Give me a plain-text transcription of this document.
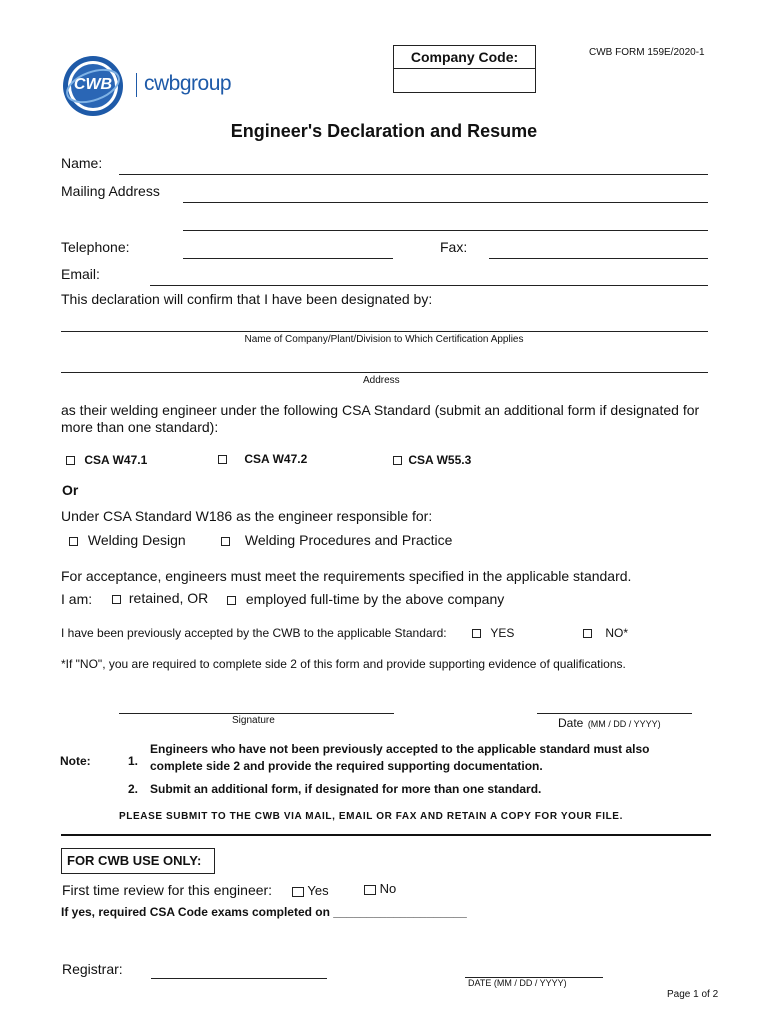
CWB	cwbgroup
Company Code:	CWB FORM 159E/2020-1
Engineer's Declaration and Resume
Name:
Mailing Address
Telephone:	Fax:
Email:
This declaration will confirm that I have been designated by:
Name of Company/Plant/Division to Which Certification Applies
Address
as their welding engineer under the following CSA Standard (submit an additional form if designated for more than one standard):
CSA W47.1	CSA W47.2	CSA W55.3
Or
Under CSA Standard W186 as the engineer responsible for:
Welding Design	Welding Procedures and Practice
For acceptance, engineers must meet the requirements specified in the applicable standard.
I am:	retained, OR	employed full-time by the above company
I have been previously accepted by the CWB to the applicable Standard:	YES	NO*
*If "NO", you are required to complete side 2 of this form and provide supporting evidence of qualifications.
Signature	Date (MM / DD / YYYY)
Note:	1.
Engineers who have not been previously accepted to the applicable standard must also complete side 2 and provide the required supporting documentation.
2. Submit an additional form, if designated for more than one standard.
PLEASE SUBMIT TO THE CWB VIA MAIL, EMAIL OR FAX AND RETAIN A COPY FOR YOUR FILE.
FOR CWB USE ONLY:
First time review for this engineer:	Yes	No
If yes, required CSA Code exams completed on ____________________
Registrar:
DATE (MM / DD / YYYY)
Page 1 of 2
